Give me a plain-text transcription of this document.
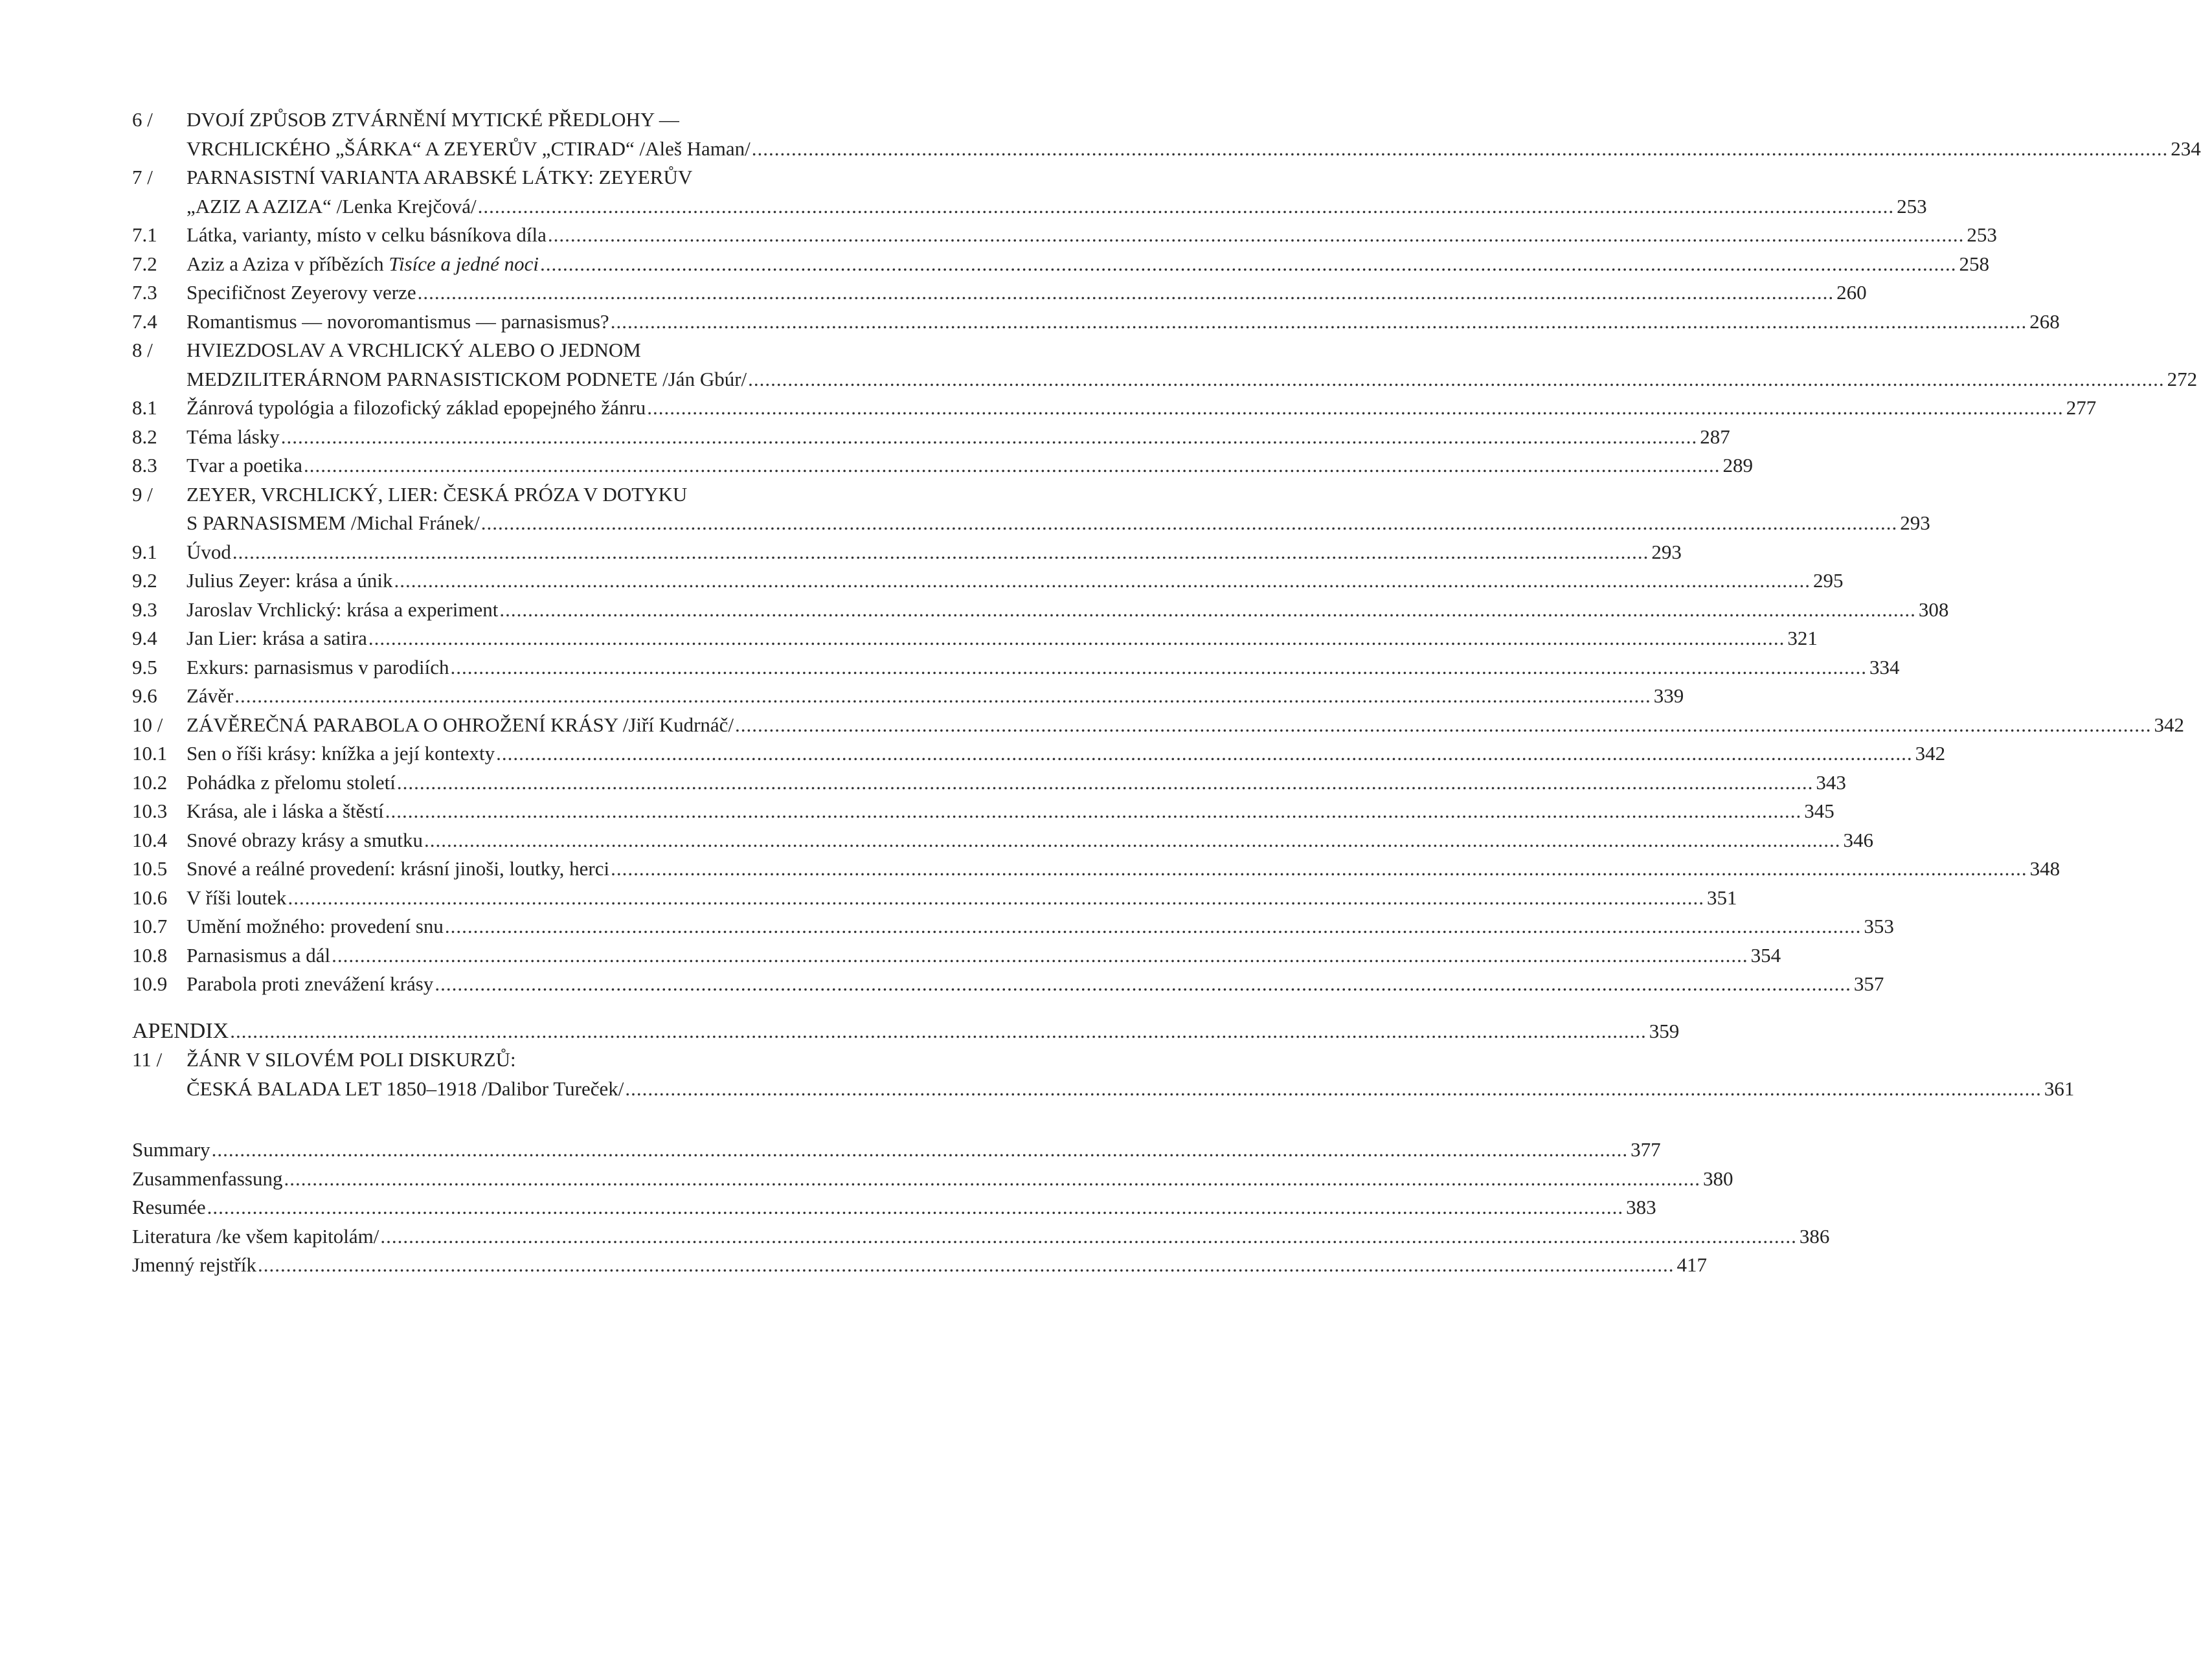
6 /	DVOJÍ ZPŮSOB ZTVÁRNĚNÍ MYTICKÉ PŘEDLOHY —
VRCHLICKÉHO „ŠÁRKA“ A ZEYERŮV „CTIRAD“ /Aleš Haman/ .....	234
7 /	PARNASISTNÍ VARIANTA ARABSKÉ LÁTKY: ZEYERŮV
„AZIZ A AZIZA“ /Lenka Krejčová/ .....	253
7.1	Látka, varianty, místo v celku básníkova díla .....	253
7.2	Aziz a Aziza v příbězích Tisíce a jedné noci .....	258
7.3	Specifičnost Zeyerovy verze .....	260
7.4	Romantismus — novoromantismus — parnasismus? .....	268
8 /	HVIEZDOSLAV A VRCHLICKÝ ALEBO O JEDNOM
MEDZILITERÁRNOM PARNASISTICKOM PODNETE /Ján Gbúr/ .....	272
8.1	Žánrová typológia a filozofický základ epopejného žánru .....	277
8.2	Téma lásky .....	287
8.3	Tvar a poetika .....	289
9 /	ZEYER, VRCHLICKÝ, LIER: ČESKÁ PRÓZA V DOTYKU
S PARNASISMEM /Michal Fránek/ .....	293
9.1	Úvod .....	293
9.2	Julius Zeyer: krása a únik .....	295
9.3	Jaroslav Vrchlický: krása a experiment .....	308
9.4	Jan Lier: krása a satira .....	321
9.5	Exkurs: parnasismus v parodiích .....	334
9.6	Závěr .....	339
10 /	ZÁVĚREČNÁ PARABOLA O OHROŽENÍ KRÁSY /Jiří Kudrnáč/ .....	342
10.1 Sen o říši krásy: knížka a její kontexty .....	342
10.2 Pohádka z přelomu století .....	343
10.3 Krása, ale i láska a štěstí .....	345
10.4 Snové obrazy krásy a smutku .....	346
10.5 Snové a reálné provedení: krásní jinoši, loutky, herci .....	348
10.6 V říši loutek .....	351
10.7 Umění možného: provedení snu .....	353
10.8 Parnasismus a dál .....	354
10.9 Parabola proti znevážení krásy .....	357
APENDIX .....	359
11 /	ŽÁNR V SILOVÉM POLI DISKURZŮ:
ČESKÁ BALADA LET 1850–1918 /Dalibor Tureček/ .....	361
Summary .....	377
Zusammenfassung .....	380
Resumée .....	383
Literatura /ke všem kapitolám/ .....	386
Jmenný rejstřík .....	417
